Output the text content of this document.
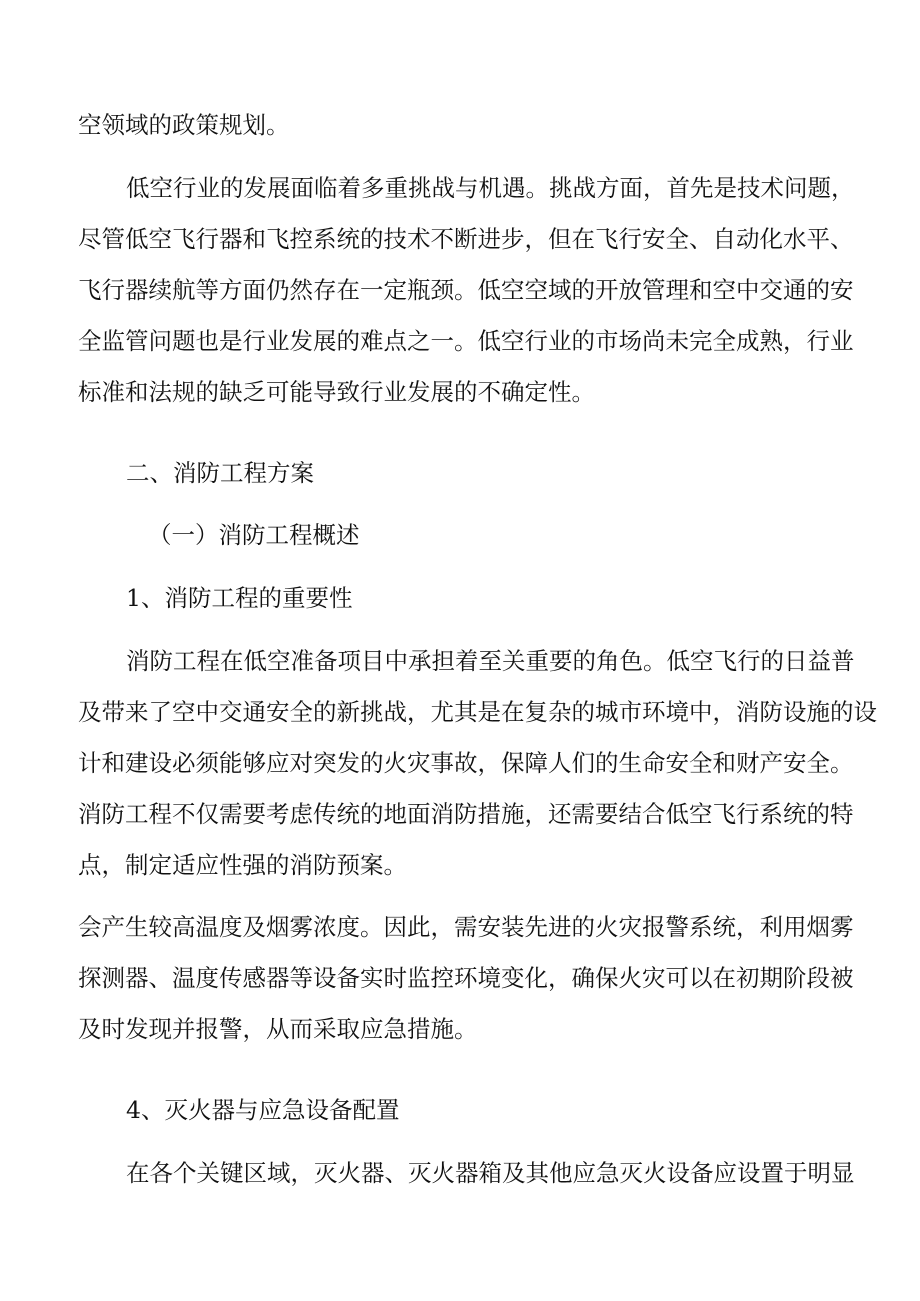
空领域的政策规划。
低空行业的发展面临着多重挑战与机遇。挑战方面，首先是技术问题，
尽管低空飞行器和飞控系统的技术不断进步，但在飞行安全、自动化水平、
飞行器续航等方面仍然存在一定瓶颈。低空空域的开放管理和空中交通的安
全监管问题也是行业发展的难点之一。低空行业的市场尚未完全成熟，行业
标准和法规的缺乏可能导致行业发展的不确定性。
二、消防工程方案
（一）消防工程概述
1、消防工程的重要性
消防工程在低空准备项目中承担着至关重要的角色。低空飞行的日益普
及带来了空中交通安全的新挑战，尤其是在复杂的城市环境中，消防设施的设
计和建设必须能够应对突发的火灾事故，保障人们的生命安全和财产安全。
消防工程不仅需要考虑传统的地面消防措施，还需要结合低空飞行系统的特
点，制定适应性强的消防预案。
会产生较高温度及烟雾浓度。因此，需安装先进的火灾报警系统，利用烟雾
探测器、温度传感器等设备实时监控环境变化，确保火灾可以在初期阶段被
及时发现并报警，从而采取应急措施。
4、灭火器与应急设备配置
在各个关键区域，灭火器、灭火器箱及其他应急灭火设备应设置于明显
